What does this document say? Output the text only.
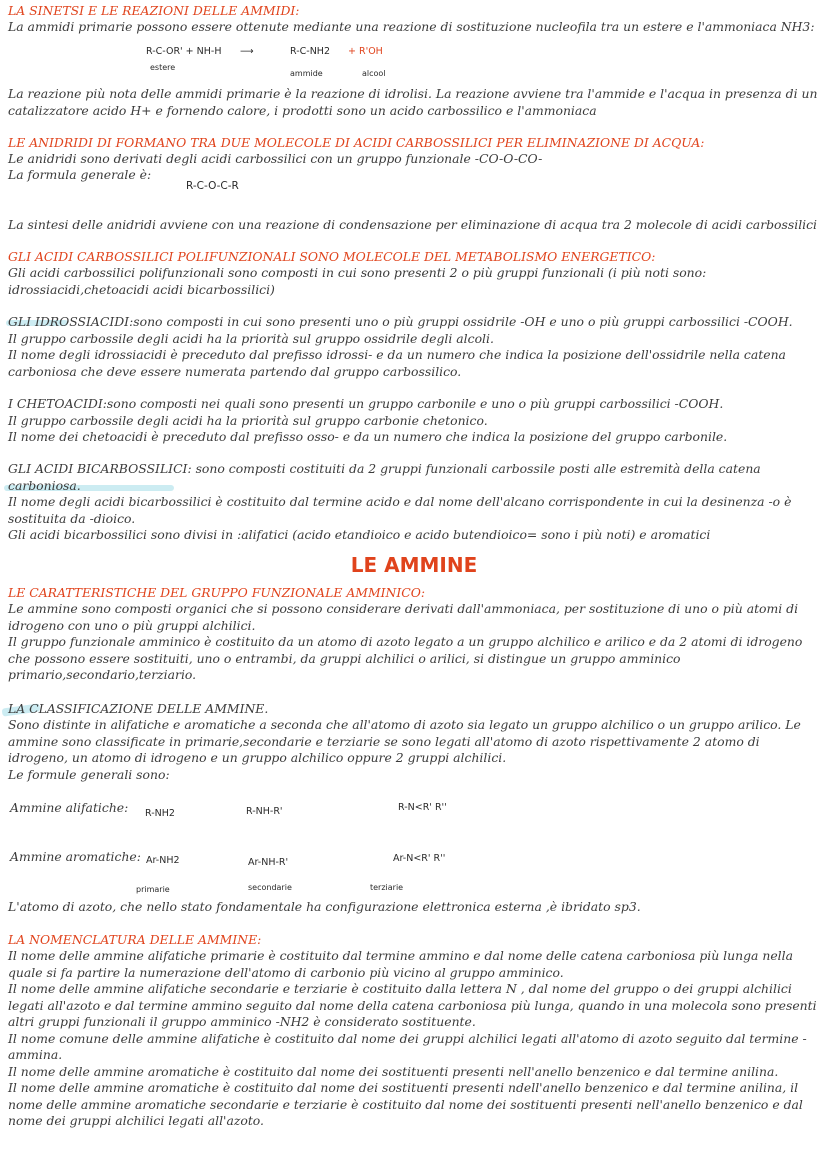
LA SINETSI E LE REAZIONI DELLE AMMIDI:

La ammidi primarie possono essere ottenute mediante una reazione di sostituzione nucleofila tra un estere e l'ammoniaca NH3:

R-C-OR' + NH-H ⟶	R-C-NH2 + R'OH
estere
ammide	alcool

La reazione più nota delle ammidi primarie è la reazione di idrolisi. La reazione avviene tra l'ammide e l'acqua in presenza di un catalizzatore acido H+ e fornendo calore, i prodotti sono un acido carbossilico e l'ammoniaca

LE ANIDRIDI DI FORMANO TRA DUE MOLECOLE DI ACIDI CARBOSSILICI PER ELIMINAZIONE DI ACQUA:

Le anidridi sono derivati degli acidi carbossilici con un gruppo funzionale -CO-O-CO-

La formula generale è:

R-C-O-C-R

La sintesi delle anidridi avviene con una reazione di condensazione per eliminazione di acqua tra 2 molecole di acidi carbossilici

GLI ACIDI CARBOSSILICI POLIFUNZIONALI SONO MOLECOLE DEL METABOLISMO ENERGETICO:

Gli acidi carbossilici polifunzionali sono composti in cui sono presenti 2 o più gruppi funzionali (i più noti sono: idrossiacidi,chetoacidi acidi bicarbossilici)

GLI IDROSSIACIDI:sono composti in cui sono presenti uno o più gruppi ossidrile -OH e uno o più gruppi carbossilici -COOH.
Il gruppo carbossile degli acidi ha la priorità sul gruppo ossidrile degli alcoli.
Il nome degli idrossiacidi è preceduto dal prefisso idrossi- e da un numero che indica la posizione dell'ossidrile nella catena carboniosa che deve essere numerata partendo dal gruppo carbossilico.

I CHETOACIDI:sono composti nei quali sono presenti un gruppo carbonile e uno o più gruppi carbossilici -COOH.
Il gruppo carbossile degli acidi ha la priorità sul gruppo carbonie chetonico.
Il nome dei chetoacidi è preceduto dal prefisso osso- e da un numero che indica la posizione del gruppo carbonile.

GLI ACIDI BICARBOSSILICI: sono composti costituiti da 2 gruppi funzionali carbossile posti alle estremità della catena carboniosa.
Il nome degli acidi bicarbossilici è costituito dal termine acido e dal nome dell'alcano corrispondente in cui la desinenza -o è sostituita da -dioico.
Gli acidi bicarbossilici sono divisi in :alifatici (acido etandioico e acido butendioico= sono i più noti) e aromatici

LE AMMINE

LE CARATTERISTICHE DEL GRUPPO FUNZIONALE AMMINICO:

Le ammine sono composti organici che si possono considerare derivati dall'ammoniaca, per sostituzione di uno o più atomi di idrogeno con uno o più gruppi alchilici.
Il gruppo funzionale amminico è costituito da un atomo di azoto legato a un gruppo alchilico e arilico e da 2 atomi di idrogeno che possono essere sostituiti, uno o entrambi, da gruppi alchilici o arilici, si distingue un gruppo amminico primario,secondario,terziario.

LA CLASSIFICAZIONE DELLE AMMINE.

Sono distinte in alifatiche e aromatiche a seconda che all'atomo di azoto sia legato un gruppo alchilico o un gruppo arilico. Le ammine sono classificate in primarie,secondarie e terziarie se sono legati all'atomo di azoto rispettivamente 2 atomo di idrogeno, un atomo di idrogeno e un gruppo alchilico oppure 2 gruppi alchilici.
Le formule generali sono:

Ammine alifatiche: R-NH2	R-NH-R'	R-N<R' R''
Ammine aromatiche: Ar-NH2	Ar-NH-R'	Ar-N<R' R''
primarie	secondarie	terziarie

L'atomo di azoto, che nello stato fondamentale ha configurazione elettronica esterna ,è ibridato sp3.

LA NOMENCLATURA DELLE AMMINE:

Il nome delle ammine alifatiche primarie è costituito dal termine ammino e dal nome delle catena carboniosa più lunga nella quale si fa partire la numerazione dell'atomo di carbonio più vicino al gruppo amminico.
Il nome delle ammine alifatiche secondarie e terziarie è costituito dalla lettera N , dal nome del gruppo o dei gruppi alchilici legati all'azoto e dal termine ammino seguito dal nome della catena carboniosa più lunga, quando in una molecola sono presenti altri gruppi funzionali il gruppo amminico -NH2 è considerato sostituente.
Il nome comune delle ammine alifatiche è costituito dal nome dei gruppi alchilici legati all'atomo di azoto seguito dal termine -ammina.
Il nome delle ammine aromatiche è costituito dal nome dei sostituenti presenti nell'anello benzenico e dal termine anilina.
Il nome delle ammine aromatiche è costituito dal nome dei sostituenti presenti ndell'anello benzenico e dal termine anilina, il nome delle ammine aromatiche secondarie e terziarie è costituito dal nome dei sostituenti presenti nell'anello benzenico e dal nome dei gruppi alchilici legati all'azoto.
